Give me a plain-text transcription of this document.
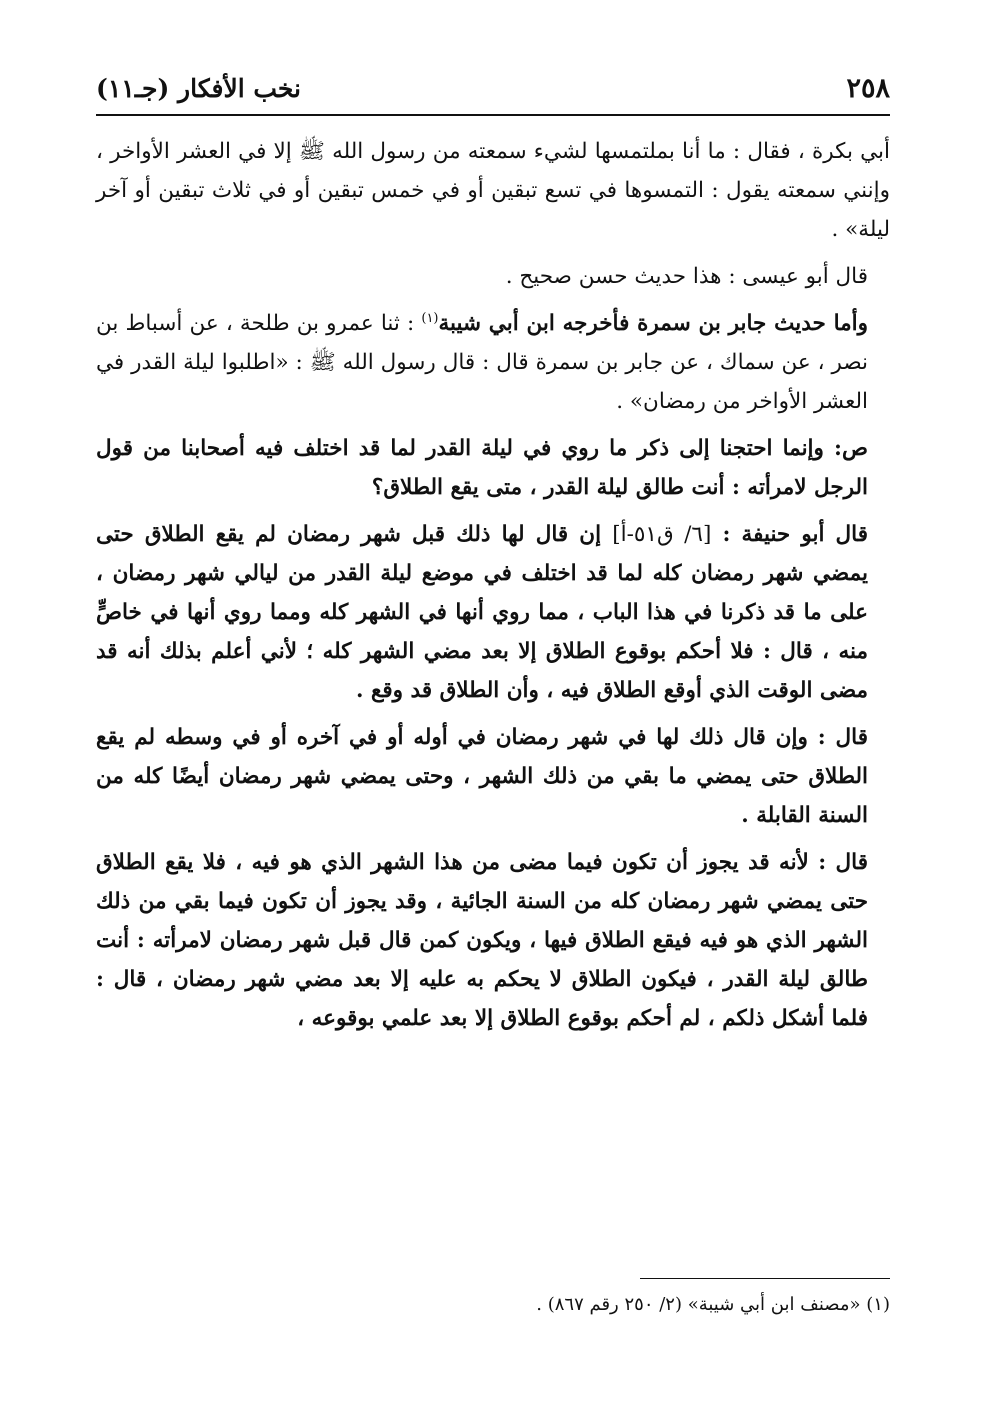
٢٥٨
نخب الأفكار (جـ١١)

أبي بكرة ، فقال : ما أنا بملتمسها لشيء سمعته من رسول الله ﷺ إلا في العشر الأواخر ، وإنني سمعته يقول : التمسوها في تسع تبقين أو في خمس تبقين أو في ثلاث تبقين أو آخر ليلة» .

قال أبو عيسى : هذا حديث حسن صحيح .

وأما حديث جابر بن سمرة فأخرجه ابن أبي شيبة$^{(١)}$ : ثنا عمرو بن طلحة ، عن أسباط بن نصر ، عن سماك ، عن جابر بن سمرة قال : قال رسول الله ﷺ : «اطلبوا ليلة القدر في العشر الأواخر من رمضان» .

ص: وإنما احتجنا إلى ذكر ما روي في ليلة القدر لما قد اختلف فيه أصحابنا من قول الرجل لامرأته : أنت طالق ليلة القدر ، متى يقع الطلاق؟

قال أبو حنيفة : [٦/ ق٥١-أ] إن قال لها ذلك قبل شهر رمضان لم يقع الطلاق حتى يمضي شهر رمضان كله لما قد اختلف في موضع ليلة القدر من ليالي شهر رمضان ، على ما قد ذكرنا في هذا الباب ، مما روي أنها في الشهر كله ومما روي أنها في خاصٍّ منه ، قال : فلا أحكم بوقوع الطلاق إلا بعد مضي الشهر كله ؛ لأني أعلم بذلك أنه قد مضى الوقت الذي أوقع الطلاق فيه ، وأن الطلاق قد وقع .

قال : وإن قال ذلك لها في شهر رمضان في أوله أو في آخره أو في وسطه لم يقع الطلاق حتى يمضي ما بقي من ذلك الشهر ، وحتى يمضي شهر رمضان أيضًا كله من السنة القابلة .

قال : لأنه قد يجوز أن تكون فيما مضى من هذا الشهر الذي هو فيه ، فلا يقع الطلاق حتى يمضي شهر رمضان كله من السنة الجائية ، وقد يجوز أن تكون فيما بقي من ذلك الشهر الذي هو فيه فيقع الطلاق فيها ، ويكون كمن قال قبل شهر رمضان لامرأته : أنت طالق ليلة القدر ، فيكون الطلاق لا يحكم به عليه إلا بعد مضي شهر رمضان ، قال : فلما أشكل ذلكم ، لم أحكم بوقوع الطلاق إلا بعد علمي بوقوعه ،

(١) «مصنف ابن أبي شيبة» (٢/ ٢٥٠ رقم ٨٦٧) .
